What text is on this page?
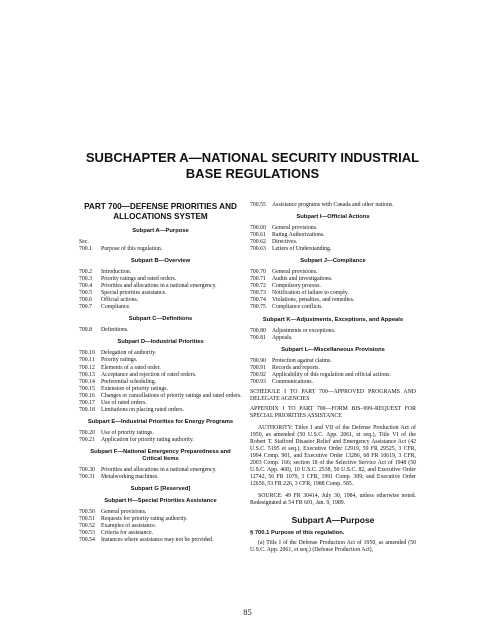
SUBCHAPTER A—NATIONAL SECURITY INDUSTRIAL BASE REGULATIONS
PART 700—DEFENSE PRIORITIES AND ALLOCATIONS SYSTEM
Subpart A—Purpose
Sec.
700.1	Purpose of this regulation.
Subpart B—Overview
700.2	Introduction.
700.3	Priority ratings and rated orders.
700.4	Priorities and allocations in a national emergency.
700.5	Special priorities assistance.
700.6	Official actions.
700.7	Compliance.
Subpart C—Definitions
700.8	Definitions.
Subpart D—Industrial Priorities
700.10	Delegation of authority.
700.11	Priority ratings.
700.12	Elements of a rated order.
700.13	Acceptance and rejection of rated orders.
700.14	Preferential scheduling.
700.15	Extension of priority ratings.
700.16	Changes or cancellations of priority ratings and rated orders.
700.17	Use of rated orders.
700.18	Limitations on placing rated orders.
Subpart E—Industrial Priorities for Energy Programs
700.20	Use of priority ratings.
700.21	Application for priority rating authority.
Subpart F—National Emergency Preparedness and Critical Items
700.30	Priorities and allocations in a national emergency.
700.31	Metalworking machines.
Subpart G [Reserved]
Subpart H—Special Priorities Assistance
700.50	General provisions.
700.51	Requests for priority rating authority.
700.52	Examples of assistance.
700.53	Criteria for assistance.
700.54	Instances where assistance may not be provided.
700.55	Assistance programs with Canada and other nations.
Subpart I—Official Actions
700.60	General provisions.
700.61	Rating Authorizations.
700.62	Directives.
700.63	Letters of Understanding.
Subpart J—Compliance
700.70	General provisions.
700.71	Audits and investigations.
700.72	Compulsory process.
700.73	Notification of failure to comply.
700.74	Violations, penalties, and remedies.
700.75	Compliance conflicts.
Subpart K—Adjustments, Exceptions, and Appeals
700.80	Adjustments or exceptions.
700.81	Appeals.
Subpart L—Miscellaneous Provisions
700.90	Protection against claims.
700.91	Records and reports.
700.92	Applicability of this regulation and official actions.
700.93	Communications.
SCHEDULE I TO PART 700—APPROVED PROGRAMS AND DELEGATE AGENCIES
APPENDIX I TO PART 700—FORM BIS–999–REQUEST FOR SPECIAL PRIORITIES ASSISTANCE
AUTHORITY: Titles I and VII of the Defense Production Act of 1950, as amended (50 U.S.C. App. 2061, et seq.), Title VI of the Robert T. Stafford Disaster Relief and Emergency Assistance Act (42 U.S.C. 5195 et seq.), Executive Order 12919, 59 FR 29525, 3 CFR, 1994 Comp. 901, and Executive Order 13286, 68 FR 10619, 3 CFR, 2003 Comp. 166; section 18 of the Selective Service Act of 1948 (50 U.S.C. App. 468), 10 U.S.C. 2538, 50 U.S.C. 82, and Executive Order 12742, 56 FR 1079, 3 CFR, 1991 Comp. 309; and Executive Order 12656, 53 FR 226, 3 CFR, 1988 Comp. 585.
SOURCE: 49 FR 30414, July 30, 1984, unless otherwise noted. Redesignated at 54 FR 601, Jan. 9, 1989.
Subpart A—Purpose
§ 700.1 Purpose of this regulation.
(a) Title I of the Defense Production Act of 1950, as amended (50 U.S.C. App. 2061, et seq.) (Defense Production Act),
85
